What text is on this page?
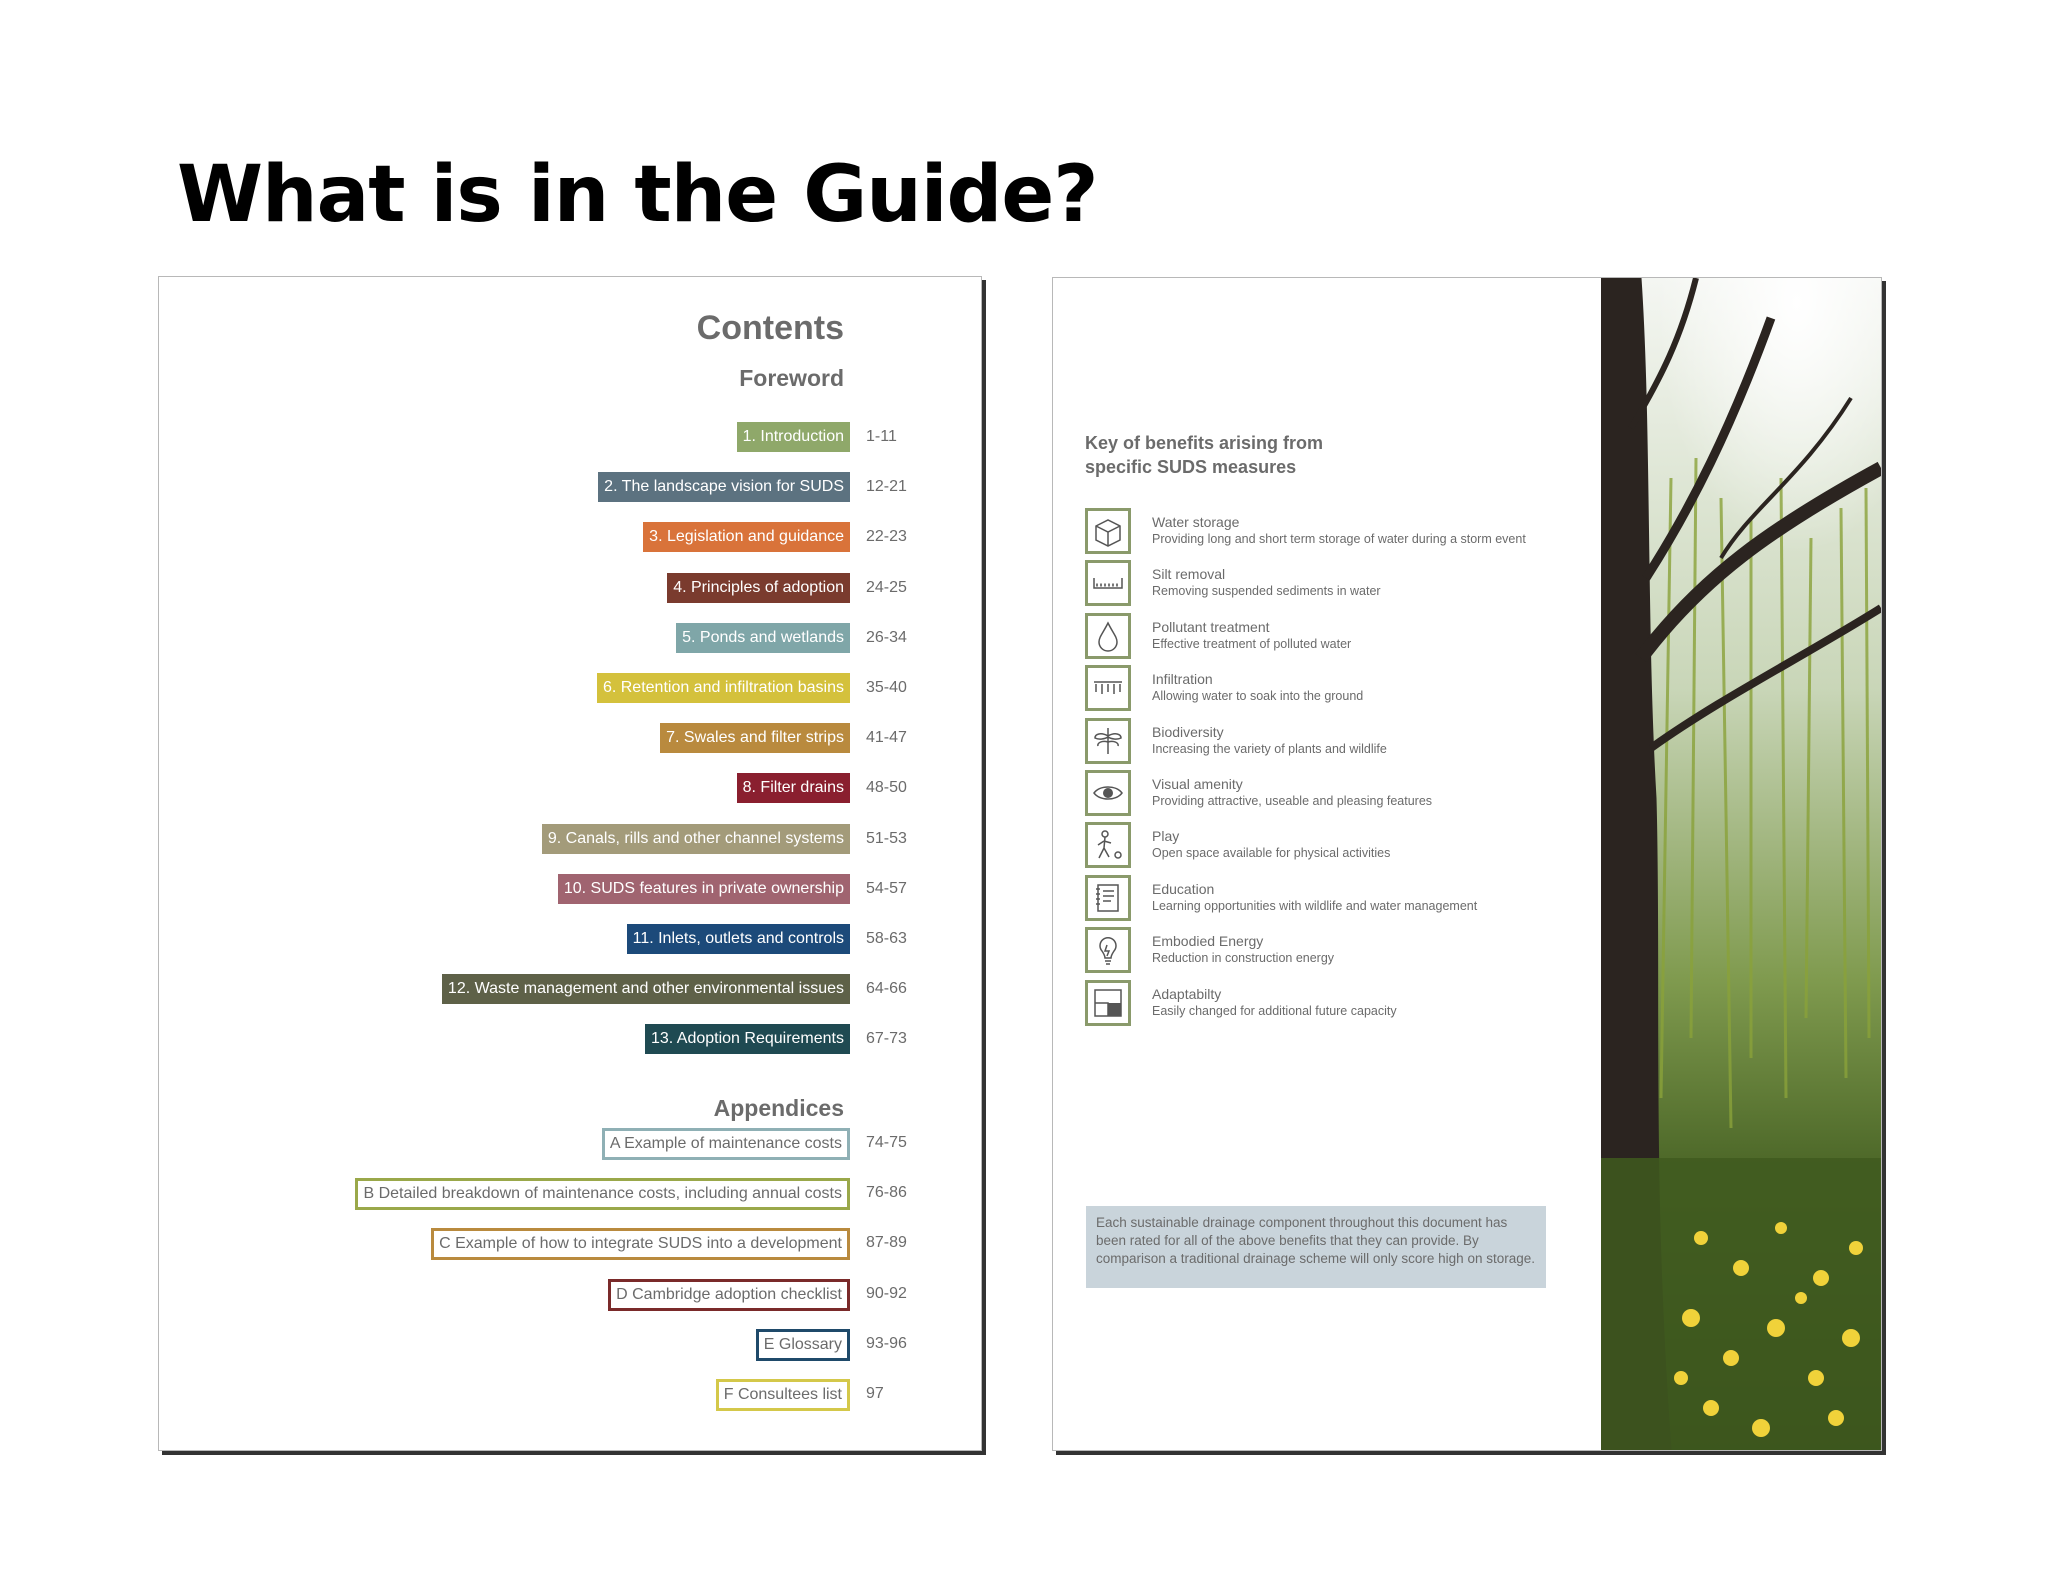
What is in the Guide?
Contents
Foreword
1. Introduction	1-11
2. The landscape vision for SUDS	12-21
3. Legislation and guidance	22-23
4. Principles of adoption	24-25
5. Ponds and wetlands	26-34
6. Retention and infiltration basins	35-40
7. Swales and filter strips	41-47
8. Filter drains	48-50
9. Canals, rills and other channel systems	51-53
10. SUDS features in private ownership	54-57
11. Inlets, outlets and controls	58-63
12. Waste management and other environmental issues	64-66
13. Adoption Requirements	67-73
Appendices
A Example of maintenance costs	74-75
B Detailed breakdown of maintenance costs, including annual costs	76-86
C Example of how to integrate SUDS into a development	87-89
D Cambridge adoption checklist	90-92
E Glossary	93-96
F Consultees list	97
Key of benefits arising from specific SUDS measures
Water storage
Providing long and short term storage of water during a storm event
Silt removal
Removing suspended sediments in water
Pollutant treatment
Effective treatment of polluted water
Infiltration
Allowing water to soak into the ground
Biodiversity
Increasing the variety of plants and wildlife
Visual amenity
Providing attractive, useable and pleasing features
Play
Open space available for physical activities
Education
Learning opportunities with wildlife and water management
Embodied Energy
Reduction in construction energy
Adaptabilty
Easily changed for additional future capacity
Each sustainable drainage component throughout this document has been rated for all of the above benefits that they can provide. By comparison a traditional drainage scheme will only score high on storage.
